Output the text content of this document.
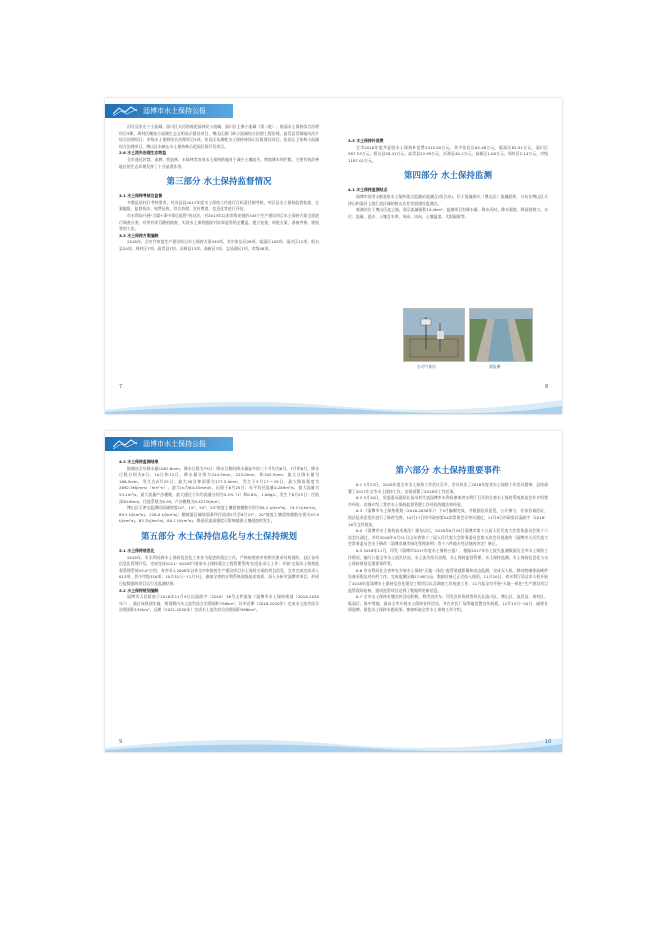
淄博市水土保持公报

河可县张庄子小流域、淄川区太河西观花园林民小流域、淄川区王寨小流域（第二批）；临淄水土保持综合治理项目3期、周村区槐家小流域生态文明高示建设项目，博山区源门岭小流域综合治理工程治理，高青县青城镇风沙片综合治理项目；市级水土保持综合治理项目3项，张店区东潘乾水土保持林绿示区班建设项目、张店区王家林小流域综合治理项目，博山区东峡山水土保持林示范园区班开发项目。

2.6 水土流失治理生态效益

全市通过封禁、退耕、营造林、水保林等各项水土保持措施对于减少土壤流失、增加降水和拦粗、主要有效改善地区的生态环境发挥了十分显著作用。

第三部分 水土保持监督情况

3.1 水土保持考核及监督

多数县依托行考核要求，对各县县2017年度水土保持工作进行目标责任制考核，对区县水土保持监督检查、方案编报、监督执法、规费征收、综合治理、宣传教育、信息化等进行评估。

市水利局开展"当媒+事中事后监管"的办法，对2013年以来市级审批的345个生产建设项目水土保持方案全面进行调查分类，对所有项目随机抽查，实现水土保持跟踪对涉事监管的全覆盖，建立检查，审批方案，准备考核、规检等的工作。

3.2 水土保持方案编制

2018年，全市共审批生产建设项目水土保持方案345项。其中张店区26项、临淄区105项、淄川区12项、桓台县20项、周村区7项、高青县7项、沂源县13项、高新区7项、文昌湖区1项，市级48项。

3.3 水土保持补偿费

全市2018年度共征收水土保持补偿费2415.50万元。其中张店区62.48万元、临淄区82.91万元、淄川区587.53万元、桓台县28.41万元、高青县22.99万元、沂源县40.1万元、高新区1.06万元，周村区2.14万元、市级1187.01万元。

第四部分 水土保持监测

4.1 水土保持监测站点

淄博市现有1座国家水土保持重点监测站监测点(综合站)，位于流域源头（博山区）流域面积，分布在博山区天津山和淄河上游汇流区域的鲁山农业发展建设监测点。

观测站位于博山区池上镇，展示流域面积14.4km²，监测项目有降水量、降水历时、降水强度、降雨侵蚀力、水位、流量、泥沙、土壤含水率、风向、风向、土壤温度、太阳辐射等。

自动气象站	测流槽
7	8
淄博市水土保持公报

4.2 水土保持监测结果

据城站全年降水量1067.6mm，降水日数为73日；降水日数的降水量显多的三个月均为6月、7月和8月，降水日数分别为8日、10日和12日，降水量分别为214.5mm、223.0mm、和342.5mm；最大日降水量为166.5mm，发生在8月25日；最大30分钟雨强为177.5.0mm，发生于5月17～19日，最大降雨强度为2692.3MJ/mm/（hm²·h），最大I₃₀为64.45mm/h，出现于6月25日；年平均径流量0.289m³/s，最大流量为53.1m³/s，最大流量产沙模数，最大通过于年均流量分别为5.4%（t）和0.8%，1.08g/L，发生于6月25日；径流深30.6mm，径流系数为0.59，产沙模数为0.4272t/hm²。

博山区天津山监测站流域坡度10°、15°、20°、25°坡度土壤侵蚀模数分别为56.2 t/(km²a)、74.5 t/(km²a)、89.5 t/(km²a)、126.0 t/(km²a)；侧坡面区域坡面条件径流深5月至6月15°、20°坡度土壤侵蚀模数分别为47.9 t/(km²a)、63.7t/(km²a)、80.1 t/(km²a)，降雨径流深强度可影响地面土壤侵蚀的发生。

第五部分 水土保持信息化与水土保持规划

5.1 水土保持信息化

2018年，市水利局将水土保持信息化工作作为促进的重点工作，严格按照省市的相关要求对规划的、县区各项信息化管理开发。完成完成2011~2018年"国家水土保持重点工程管理系统"信息化录入工作；开展"全国水土保持监督管理系统V3.0"应用，有序录入2008年以来全市审批的生产建设项目水土保持方案的项目信息，全市完成完成录入613项，其中市级316项；10月31日~11月3日，参加全省的水利系统高级技术培训，深入分析对淄博市项目，形成日报数据的项目运行及监测结果。

5.2 水土保持规划编制

淄博市人民政府于2018年11月9日以淄政字〔2018〕16号文件批复《淄博市水土保持规划（2018-2030年）》，通过该规划实施，规划期内水土流失综合治理面积758km²，其中近期（2018-2020年）完成水土流失综合治理面积192km²，远期（2021-2030年）完成水土流失综合治理面积566km²。

第六部分 水土保持重要事件

6.1 5月23日，2018年度全市水土保持工作会议召开，会议传达了2018年度省水土保持工作会议精神，总结部署了2017年全市水土保持工作，安排部署了2018年工作任务。

6.2 5月10日，党委委员副局长苗凤杉代表淄博市水利局参加省水利厅召开的全省水土保持系统座谈会并介绍我市经验，详细介绍了我市水土保持监督管理工作经验的做法和经验。

6.3 《淄博市水土保持规划（2018-2030年）》于9月编制完成，并根据征求意见，公开参与，专家咨询论证，依法征求意见并进行了修改完善，10月17日经市政府第54次常务会议审议通过，11月9日市政府以淄政字〔2018〕16号文件批复。

6.4 《淄博市水土保持技术规范》颁布以后，2018年8月29日淄博市第十五届人民代表大会常务委员会第十六次会议通过，并经2018年9月21日山东省第十三届人民代表大会常务委员会第五次会议批准的《淄博市人民代表大会常务委员会关于修改〈淄博市城市绿化管理条例〉等十六件地方性法规的决定》修正。

6.5 2018年11月，印发《淄博市2017年度水土保持公报》，根据2017年水土流失监测数据及全市水土保持工作情况，编写公报全市水土流失状况、水土流失综合治理、水土保持监督管理、水土保持监测、水土保持信息化与水土保持规划及重要事件等。

6.6 市水利局在全省率先开展水土保持"天地一体化"监管遥感影像和动态监测，完成无人机、移动终端等软硬件设备采购及对应的工作，完成监测区域17.60万亩，数据设备已正式投入使用。11月20日，省水利厅局及市人机开展了2018年度淄博水土保持信息化建设工程项目以及调查工作检查工作，11月起全市开展"天地一体化"生产建设项目监管现场复核，建成监管项目达到了数据库更新信息。

6.7 全市水土保持专题宣传活动积极，利用宣传车、印发宣传资料等形式在淄川区、博山区、高青县、周村区、临淄区、鲁中等地，面向全市开展水土保持宣传活动，并在市民广场等地设置宣传展板，12月13日~20日，副省长到淄博，展览水土保持专题成果，参加听取全市水土保持工作介绍。

9	10
